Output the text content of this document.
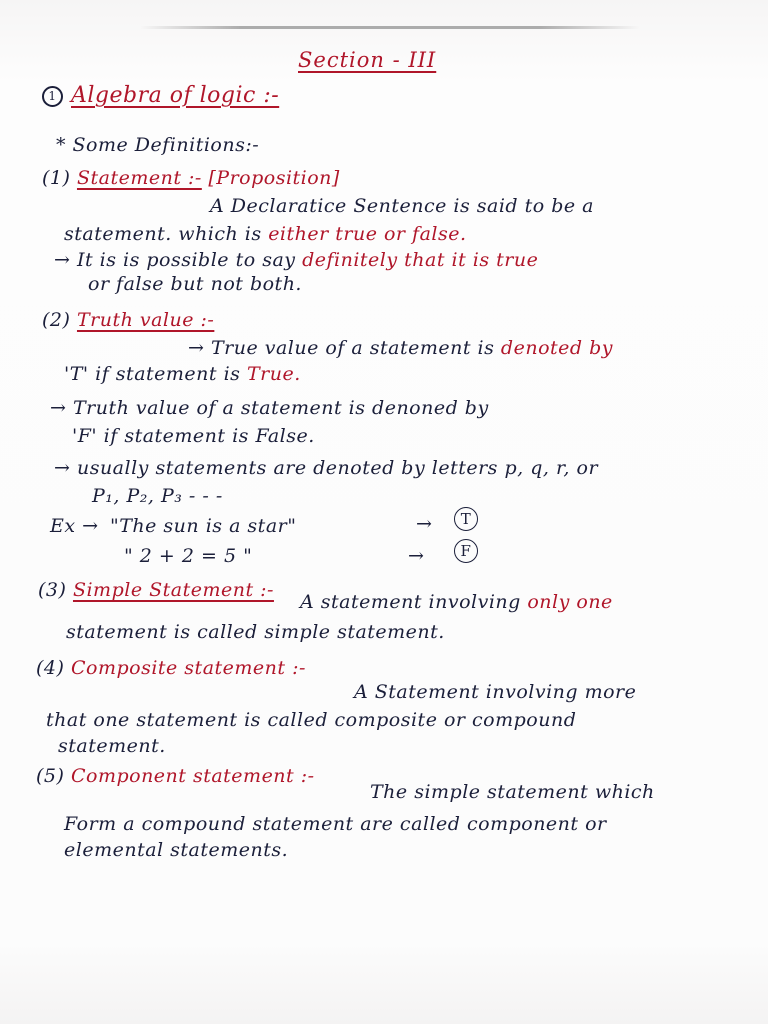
Section - III
1 Algebra of logic :-
* Some Definitions:-
(1) Statement :- [Proposition]
A Declaratice Sentence is said to be a
statement. which is either true or false.
→ It is is possible to say definitely that it is true
or false but not both.
(2) Truth value :-
→ True value of a statement is denoted by
'T' if statement is True.
→ Truth value of a statement is denoned by
'F' if statement is False.
→ usually statements are denoted by letters p, q, r, or
P₁, P₂, P₃ - - -
Ex → "The sun is a star"	→	T
" 2 + 2 = 5 "	→	F
(3) Simple Statement :-
A statement involving only one
statement is called simple statement.
(4) Composite statement :-
A Statement involving more
that one statement is called composite or compound
statement.
(5) Component statement :-
The simple statement which
Form a compound statement are called component or
elemental statements.
